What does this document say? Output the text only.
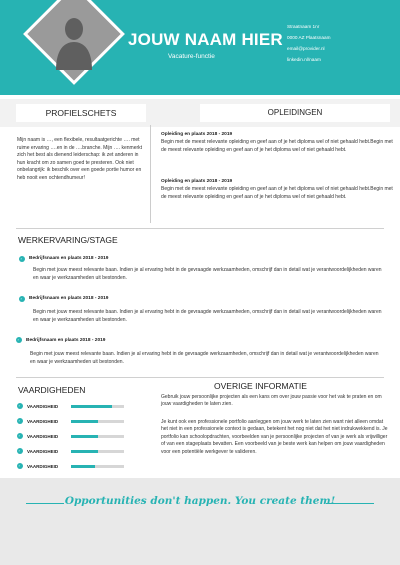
JOUW NAAM HIER
Vacature-functie
Straatnaam 1nr
0000 AZ Plaatsnaam
email@provider.nl
linkedin.nl/naam
PROFIELSCHETS	OPLEIDINGEN
Mijn naam is …, een flexibele, resultaatgerichte …. met ruime ervaring ….en in de ….branche. Mijn …. kenmerkt zich het best als dienend leiderschap: ik zet anderen in hun kracht om zo samen goed te presteren. Ook niet onbelangrijk: ik beschik over een goede portie humor en heb nooit een ochtendhumeur!
Opleiding en plaats 2018 - 2019
Begin met de meest relevante opleiding en geef aan of je het diploma wel of niet gehaald hebt.Begin met de meest relevante opleiding en geef aan of je het diploma wel of niet gehaald hebt.
Opleiding en plaats 2018 - 2019
Begin met de meest relevante opleiding en geef aan of je het diploma wel of niet gehaald hebt.Begin met de meest relevante opleiding en geef aan of je het diploma wel of niet gehaald hebt.
WERKERVARING/STAGE
› Bedrijfsnaam en plaats 2018 - 2019
Begin met jouw meest relevante baan. Indien je al ervaring hebt in de gevraagde werkzaamheden, omschrijf dan in detail wat je verantwoordelijkheden waren en waar je werkzaamheden uit bestonden.
› Bedrijfsnaam en plaats 2018 - 2019
Begin met jouw meest relevante baan. Indien je al ervaring hebt in de gevraagde werkzaamheden, omschrijf dan in detail wat je verantwoordelijkheden waren en waar je werkzaamheden uit bestonden.
› Bedrijfsnaam en plaats 2018 - 2019
Begin met jouw meest relevante baan. Indien je al ervaring hebt in de gevraagde werkzaamheden, omschrijf dan in detail wat je verantwoordelijkheden waren en waar je werkzaamheden uit bestonden.
VAARDIGHEDEN	OVERIGE INFORMATIE
› VAARDIGHEID
› VAARDIGHEID
› VAARDIGHEID
› VAARDIGHEID
› VAARDIGHEID
Gebruik jouw persoonlijke projecten als een kans om over jouw passie voor het vak te praten en om jouw vaardigheden te laten zien.
Je kunt ook een professionele portfolio aanleggen om jouw werk te laten zien want niet alleen omdat het niet in een professionele context is gedaan, betekent het nog niet dat het niet indrukwekkend is. Je portfolio kan schoolopdrachten, voorbeelden van je persoonlijke projecten of van je werk als vrijwilliger of van een stageplaats bevatten. Een voorbeeld van je beste werk kan helpen om jouw vaardigheden voor een potentiële werkgever te valideren.
Opportunities don't happen. You create them!
